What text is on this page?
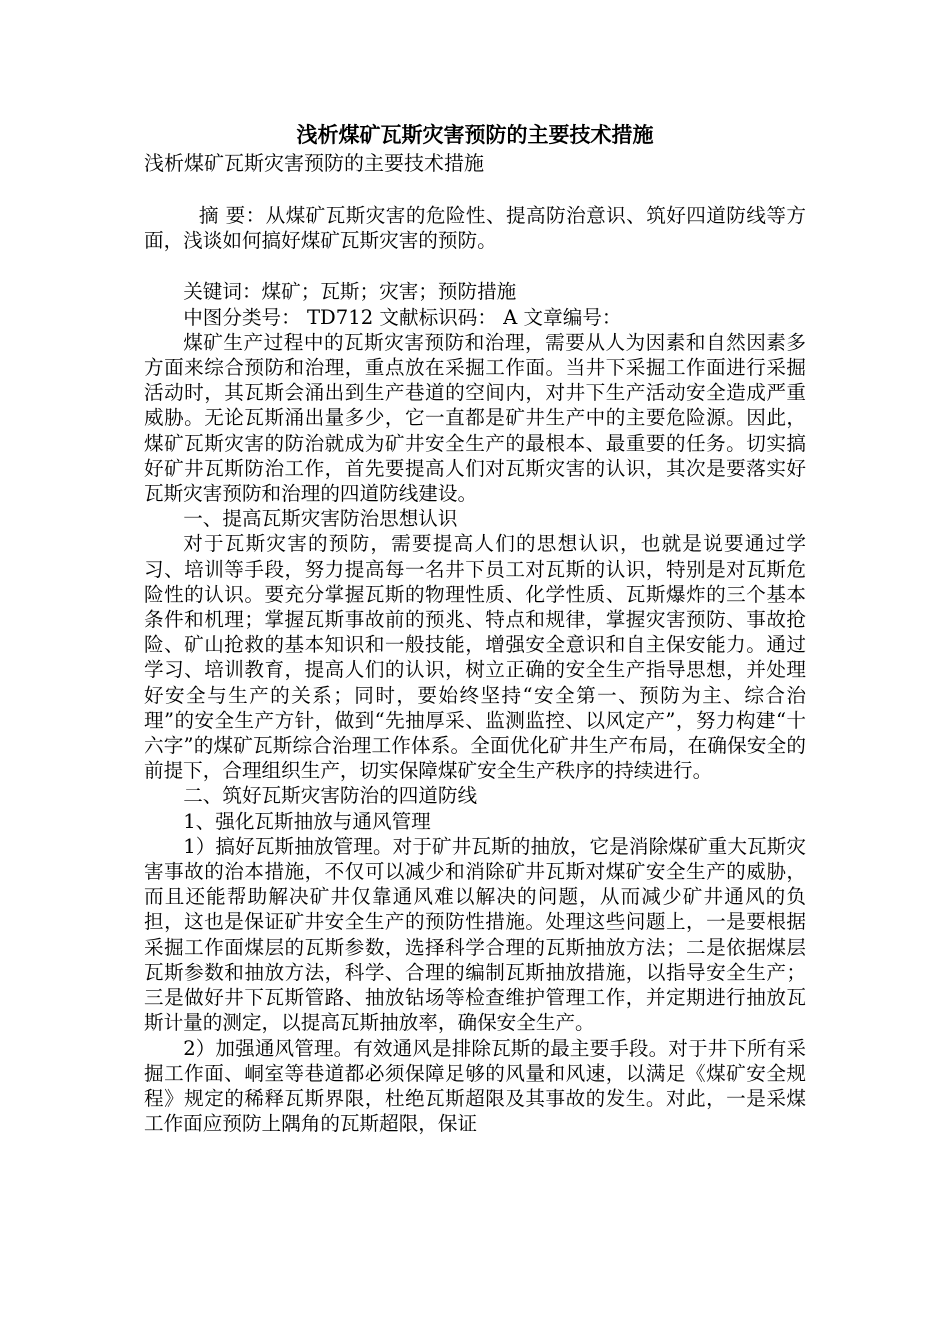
浅析煤矿瓦斯灾害预防的主要技术措施

浅析煤矿瓦斯灾害预防的主要技术措施

摘 要：从煤矿瓦斯灾害的危险性、提高防治意识、筑好四道防线等方面，浅谈如何搞好煤矿瓦斯灾害的预防。

关键词：煤矿；瓦斯；灾害；预防措施

中图分类号： TD712 文献标识码： A 文章编号：

煤矿生产过程中的瓦斯灾害预防和治理，需要从人为因素和自然因素多方面来综合预防和治理，重点放在采掘工作面。当井下采掘工作面进行采掘活动时，其瓦斯会涌出到生产巷道的空间内，对井下生产活动安全造成严重威胁。无论瓦斯涌出量多少，它一直都是矿井生产中的主要危险源。因此，煤矿瓦斯灾害的防治就成为矿井安全生产的最根本、最重要的任务。切实搞好矿井瓦斯防治工作，首先要提高人们对瓦斯灾害的认识，其次是要落实好瓦斯灾害预防和治理的四道防线建设。

一、提高瓦斯灾害防治思想认识

对于瓦斯灾害的预防，需要提高人们的思想认识，也就是说要通过学习、培训等手段，努力提高每一名井下员工对瓦斯的认识，特别是对瓦斯危险性的认识。要充分掌握瓦斯的物理性质、化学性质、瓦斯爆炸的三个基本条件和机理；掌握瓦斯事故前的预兆、特点和规律，掌握灾害预防、事故抢险、矿山抢救的基本知识和一般技能，增强安全意识和自主保安能力。通过学习、培训教育，提高人们的认识，树立正确的安全生产指导思想，并处理好安全与生产的关系；同时，要始终坚持“安全第一、预防为主、综合治理”的安全生产方针，做到“先抽厚采、监测监控、以风定产”，努力构建“十六字”的煤矿瓦斯综合治理工作体系。全面优化矿井生产布局，在确保安全的前提下，合理组织生产，切实保障煤矿安全生产秩序的持续进行。

二、筑好瓦斯灾害防治的四道防线

1、强化瓦斯抽放与通风管理

1）搞好瓦斯抽放管理。对于矿井瓦斯的抽放，它是消除煤矿重大瓦斯灾害事故的治本措施，不仅可以减少和消除矿井瓦斯对煤矿安全生产的威胁，而且还能帮助解决矿井仅靠通风难以解决的问题，从而减少矿井通风的负担，这也是保证矿井安全生产的预防性措施。处理这些问题上，一是要根据采掘工作面煤层的瓦斯参数，选择科学合理的瓦斯抽放方法；二是依据煤层瓦斯参数和抽放方法，科学、合理的编制瓦斯抽放措施，以指导安全生产；三是做好井下瓦斯管路、抽放钻场等检查维护管理工作，并定期进行抽放瓦斯计量的测定，以提高瓦斯抽放率，确保安全生产。

2）加强通风管理。有效通风是排除瓦斯的最主要手段。对于井下所有采掘工作面、峒室等巷道都必须保障足够的风量和风速，以满足《煤矿安全规程》规定的稀释瓦斯界限，杜绝瓦斯超限及其事故的发生。对此，一是采煤工作面应预防上隅角的瓦斯超限，保证
